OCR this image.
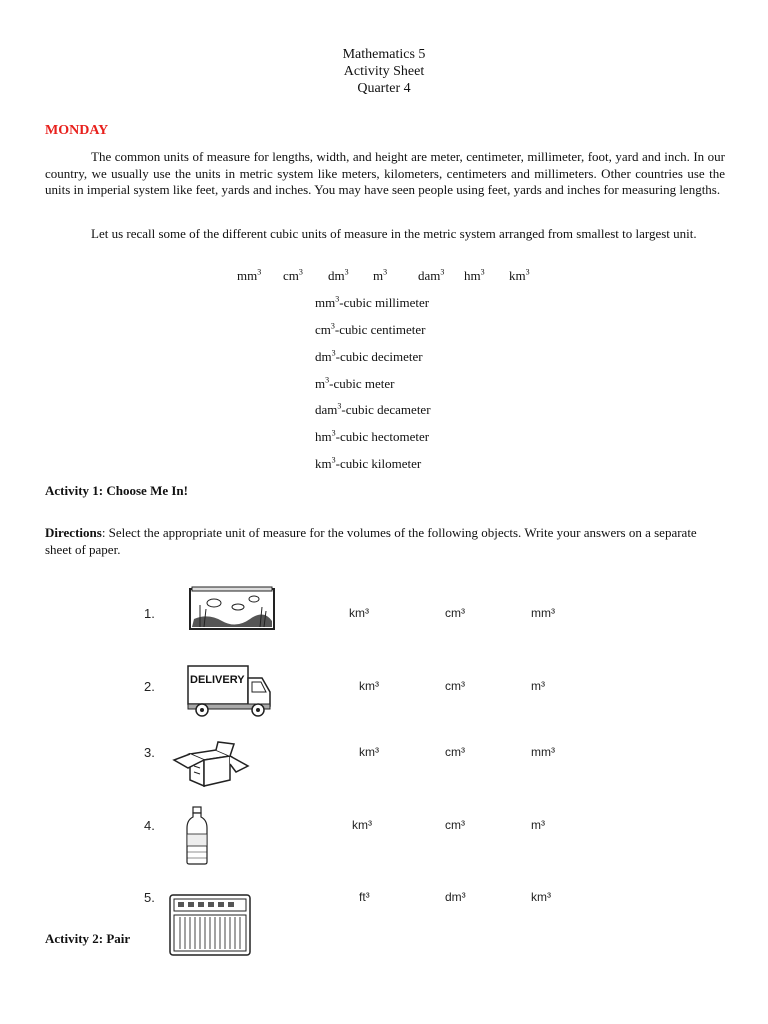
Mathematics 5
Activity Sheet
Quarter 4
MONDAY

The common units of measure for lengths, width, and height are meter, centimeter, millimeter, foot, yard and inch. In our country, we usually use the units in metric system like meters, kilometers, centimeters and millimeters. Other countries use the units in imperial system like feet, yards and inches. You may have seen people using feet, yards and inches for measuring lengths.

Let us recall some of the different cubic units of measure in the metric system arranged from smallest to largest unit.

$mm^3$ $cm^3$ $dm^3$ $m^3$ dam$^3$ $hm^3$ $km^3$
$mm^3$-cubic millimeter
$cm^3$-cubic centimeter
$dm^3$-cubic decimeter
$m^3$-cubic meter
dam$^3$-cubic decameter
$hm^3$-cubic hectometer
$km^3$-cubic kilometer
Activity 1: Choose Me In!

Directions: Select the appropriate unit of measure for the volumes of the following objects. Write your answers on a separate sheet of paper.

1.	km³	cm³	mm³
2.	DELIVERY	km³	cm³	m³
3.	km³	cm³	mm³
4.	km³	cm³	m³
5.	ft³	dm³	km³
Activity 2: Pair
